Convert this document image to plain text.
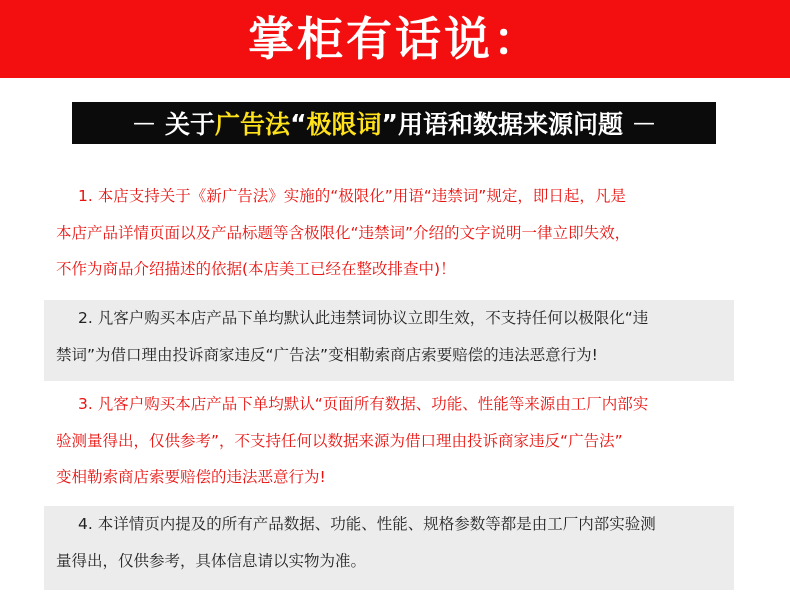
掌柜有话说：
— 关于 广告法 “ 极限词 ” 用语和数据来源问题 —

1. 本店支持关于《新广告法》实施的“极限化”用语“违禁词”规定，即日起，凡是

本店产品详情页面以及产品标题等含极限化“违禁词”介绍的文字说明一律立即失效，

不作为商品介绍描述的依据(本店美工已经在整改排查中)！

2. 凡客户购买本店产品下单均默认此违禁词协议立即生效，不支持任何以极限化“违

禁词”为借口理由投诉商家违反“广告法”变相勒索商店索要赔偿的违法恶意行为!

3. 凡客户购买本店产品下单均默认“页面所有数据、功能、性能等来源由工厂内部实

验测量得出，仅供参考”，不支持任何以数据来源为借口理由投诉商家违反“广告法”

变相勒索商店索要赔偿的违法恶意行为!

4. 本详情页内提及的所有产品数据、功能、性能、规格参数等都是由工厂内部实验测

量得出，仅供参考，具体信息请以实物为准。
